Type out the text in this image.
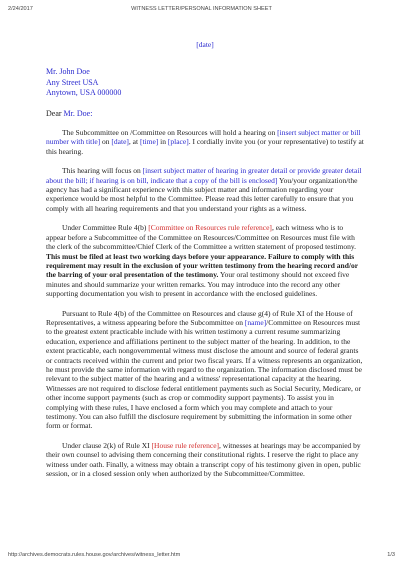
2/24/2017	WITNESS LETTER/PERSONAL INFORMATION SHEET
[date]
Mr. John Doe
Any Street USA
Anytown, USA 000000

Dear Mr. Doe:

The Subcommittee on /Committee on Resources will hold a hearing on [insert subject matter or bill number with title] on [date], at [time] in [place]. I cordially invite you (or your representative) to testify at this hearing.

This hearing will focus on [insert subject matter of hearing in greater detail or provide greater detail about the bill; if hearing is on bill, indicate that a copy of the bill is enclosed] You/your organization/the agency has had a significant experience with this subject matter and information regarding your experience would be most helpful to the Committee. Please read this letter carefully to ensure that you comply with all hearing requirements and that you understand your rights as a witness.

Under Committee Rule 4(b) [Committee on Resources rule reference], each witness who is to appear before a Subcommittee of the Committee on Resources/Committee on Resources must file with the clerk of the subcommittee/Chief Clerk of the Committee a written statement of proposed testimony. This must be filed at least two working days before your appearance. Failure to comply with this requirement may result in the exclusion of your written testimony from the hearing record and/or the barring of your oral presentation of the testimony. Your oral testimony should not exceed five minutes and should summarize your written remarks. You may introduce into the record any other supporting documentation you wish to present in accordance with the enclosed guidelines.

Pursuant to Rule 4(b) of the Committee on Resources and clause g(4) of Rule XI of the House of Representatives, a witness appearing before the Subcommittee on [name]/Committee on Resources must to the greatest extent practicable include with his written testimony a current resume summarizing education, experience and affiliations pertinent to the subject matter of the hearing. In addition, to the extent practicable, each nongovernmental witness must disclose the amount and source of federal grants or contracts received within the current and prior two fiscal years. If a witness represents an organization, he must provide the same information with regard to the organization. The information disclosed must be relevant to the subject matter of the hearing and a witness' representational capacity at the hearing. Witnesses are not required to disclose federal entitlement payments such as Social Security, Medicare, or other income support payments (such as crop or commodity support payments). To assist you in complying with these rules, I have enclosed a form which you may complete and attach to your testimony. You can also fulfill the disclosure requirement by submitting the information in some other form or format.

Under clause 2(k) of Rule XI [House rule reference], witnesses at hearings may be accompanied by their own counsel to advising them concerning their constitutional rights. I reserve the right to place any witness under oath. Finally, a witness may obtain a transcript copy of his testimony given in open, public session, or in a closed session only when authorized by the Subcommittee/Committee.

http://archives.democrats.rules.house.gov/archives/witness_letter.htm	1/3
